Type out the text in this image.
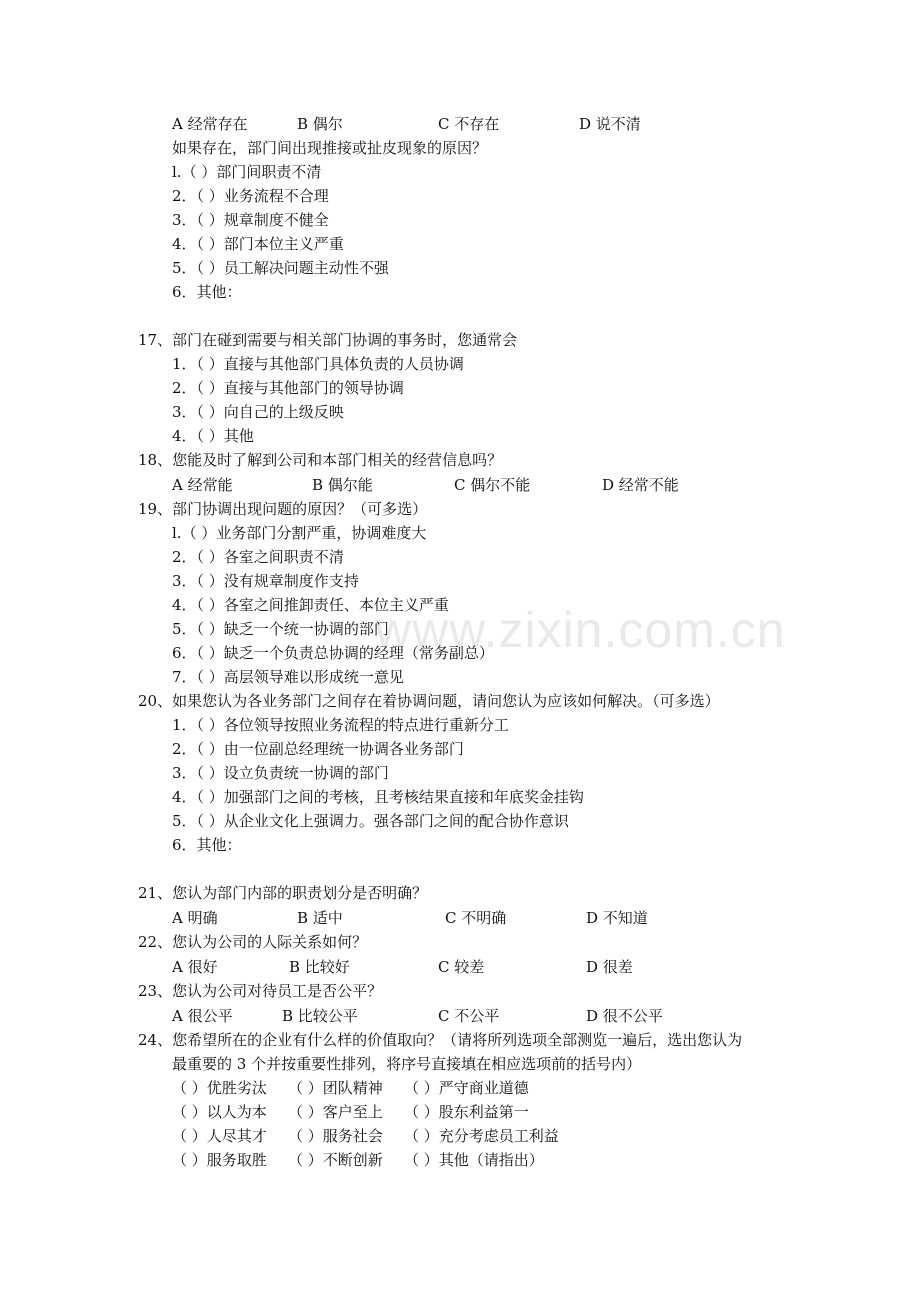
www.zixin.com.cn
A 经常存在	B 偶尔	C 不存在	D 说不清
如果存在，部门间出现推接或扯皮现象的原因？
l.（ ）部门间职责不清
2．（ ）业务流程不合理
3．（ ）规章制度不健全
4．（ ）部门本位主义严重
5．（ ）员工解决问题主动性不强
6．其他：
17、部门在碰到需要与相关部门协调的事务时，您通常会
1．（ ）直接与其他部门具体负责的人员协调
2．（ ）直接与其他部门的领导协调
3．（ ）向自己的上级反映
4．（ ）其他
18、您能及时了解到公司和本部门相关的经营信息吗？
A 经常能	B 偶尔能	C 偶尔不能	D 经常不能
19、部门协调出现问题的原因？（可多选）
l.（ ）业务部门分割严重，协调难度大
2．（ ）各室之间职责不清
3．（ ）没有规章制度作支持
4．（ ）各室之间推卸责任、本位主义严重
5．（ ）缺乏一个统一协调的部门
6．（ ）缺乏一个负责总协调的经理（常务副总）
7．（ ）高层领导难以形成统一意见
20、如果您认为各业务部门之间存在着协调问题，请问您认为应该如何解决。（可多选）
1．（ ）各位领导按照业务流程的特点进行重新分工
2．（ ）由一位副总经理统一协调各业务部门
3．（ ）设立负责统一协调的部门
4．（ ）加强部门之间的考核，且考核结果直接和年底奖金挂钩
5．（ ）从企业文化上强调力。强各部门之间的配合协作意识
6．其他：
21、您认为部门内部的职责划分是否明确？
A 明确	B 适中	C 不明确	D 不知道
22、您认为公司的人际关系如何？
A 很好	B 比较好	C 较差	D 很差
23、您认为公司对待员工是否公平？
A 很公平	B 比较公平	C 不公平	D 很不公平
24、您希望所在的企业有什么样的价值取向？（请将所列选项全部测览一遍后，选出您认为
最重要的 3 个并按重要性排列，将序号直接填在相应选项前的括号内）
（ ）优胜劣汰 （ ）团队精神 （ ）严守商业道德
（ ）以人为本 （ ）客户至上 （ ）股东利益第一
（ ）人尽其才 （ ）服务社会 （ ）充分考虑员工利益
（ ）服务取胜 （ ）不断创新 （ ）其他（请指出）
